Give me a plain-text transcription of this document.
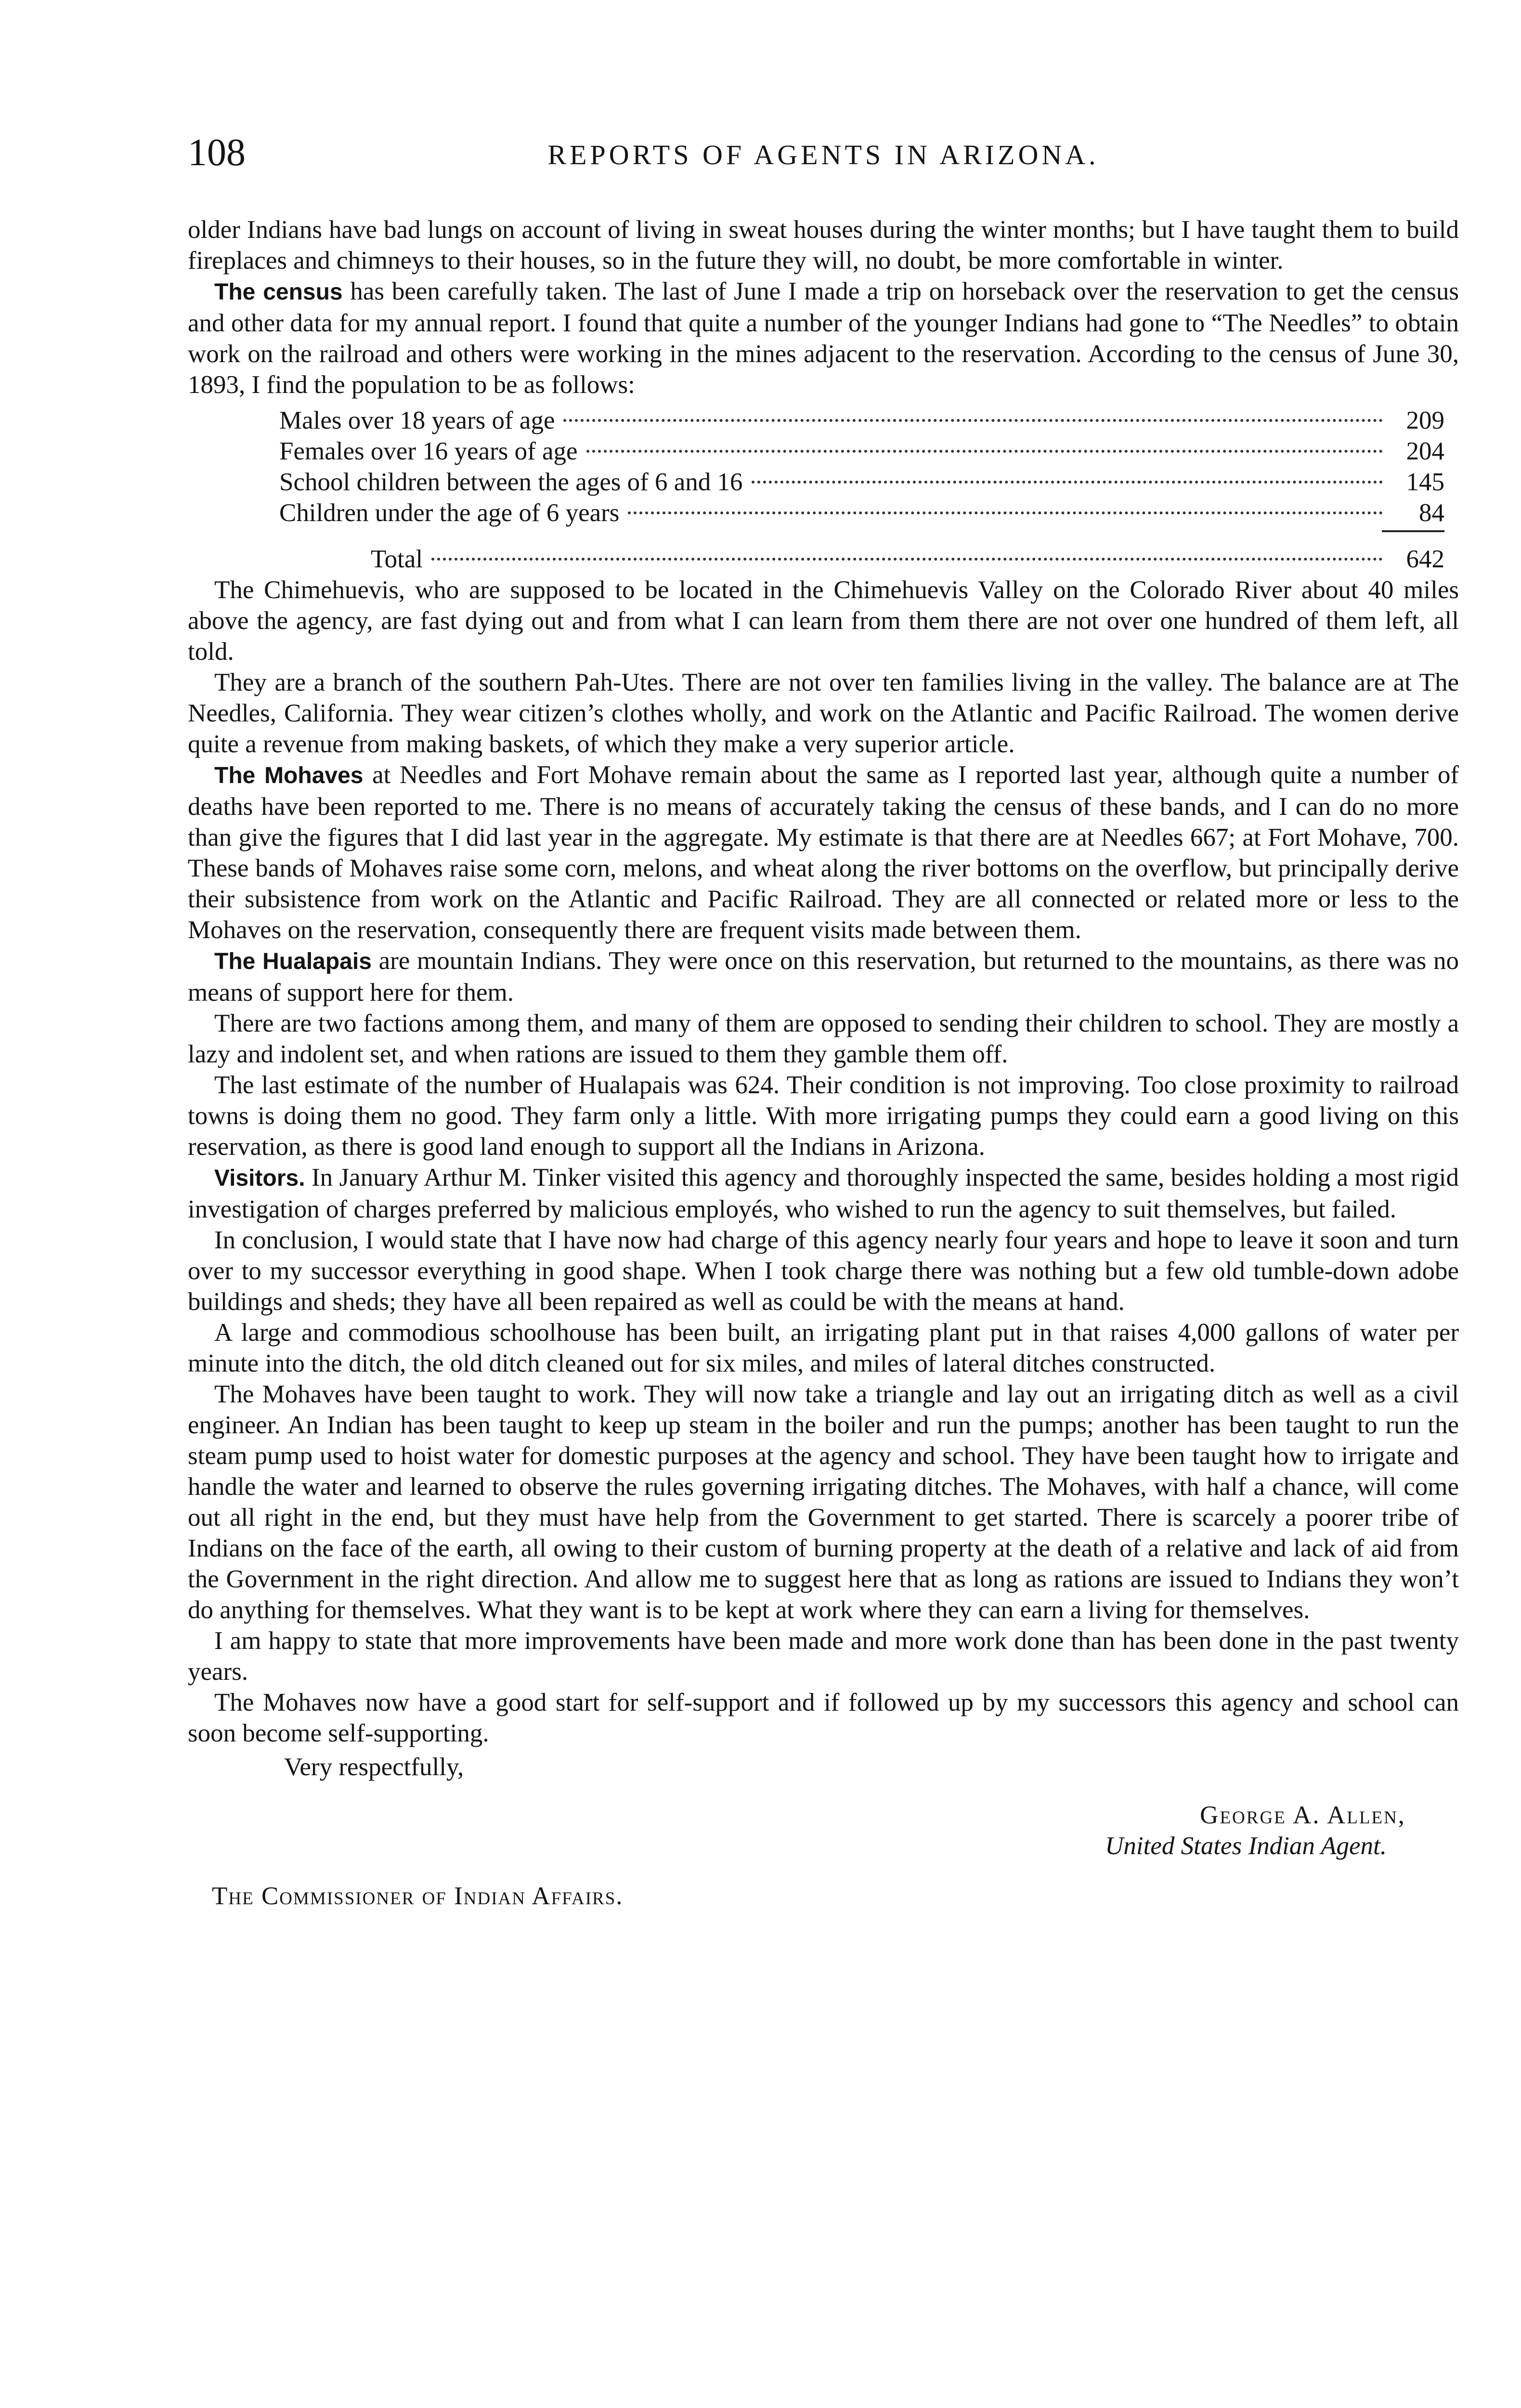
108	REPORTS OF AGENTS IN ARIZONA.

older Indians have bad lungs on account of living in sweat houses during the winter months; but I have taught them to build fireplaces and chimneys to their houses, so in the future they will, no doubt, be more comfortable in winter.

The census has been carefully taken. The last of June I made a trip on horseback over the reservation to get the census and other data for my annual report. I found that quite a number of the younger Indians had gone to “The Needles” to obtain work on the railroad and others were working in the mines adjacent to the reservation. According to the census of June 30, 1893, I find the population to be as follows:

Males over 18 years of age	209
Females over 16 years of age	204
School children between the ages of 6 and 16	145
Children under the age of 6 years	84
Total	642

The Chimehuevis, who are supposed to be located in the Chimehuevis Valley on the Colorado River about 40 miles above the agency, are fast dying out and from what I can learn from them there are not over one hundred of them left, all told.

They are a branch of the southern Pah-Utes. There are not over ten families living in the valley. The balance are at The Needles, California. They wear citizen’s clothes wholly, and work on the Atlantic and Pacific Railroad. The women derive quite a revenue from making baskets, of which they make a very superior article.

The Mohaves at Needles and Fort Mohave remain about the same as I reported last year, although quite a number of deaths have been reported to me. There is no means of accurately taking the census of these bands, and I can do no more than give the figures that I did last year in the aggregate. My estimate is that there are at Needles 667; at Fort Mohave, 700. These bands of Mohaves raise some corn, melons, and wheat along the river bottoms on the overflow, but principally derive their subsistence from work on the Atlantic and Pacific Railroad. They are all connected or related more or less to the Mohaves on the reservation, consequently there are frequent visits made between them.

The Hualapais are mountain Indians. They were once on this reservation, but returned to the mountains, as there was no means of support here for them.

There are two factions among them, and many of them are opposed to sending their children to school. They are mostly a lazy and indolent set, and when rations are issued to them they gamble them off.

The last estimate of the number of Hualapais was 624. Their condition is not improving. Too close proximity to railroad towns is doing them no good. They farm only a little. With more irrigating pumps they could earn a good living on this reservation, as there is good land enough to support all the Indians in Arizona.

Visitors. In January Arthur M. Tinker visited this agency and thoroughly inspected the same, besides holding a most rigid investigation of charges preferred by malicious employés, who wished to run the agency to suit themselves, but failed.

In conclusion, I would state that I have now had charge of this agency nearly four years and hope to leave it soon and turn over to my successor everything in good shape. When I took charge there was nothing but a few old tumble-down adobe buildings and sheds; they have all been repaired as well as could be with the means at hand.

A large and commodious schoolhouse has been built, an irrigating plant put in that raises 4,000 gallons of water per minute into the ditch, the old ditch cleaned out for six miles, and miles of lateral ditches constructed.

The Mohaves have been taught to work. They will now take a triangle and lay out an irrigating ditch as well as a civil engineer. An Indian has been taught to keep up steam in the boiler and run the pumps; another has been taught to run the steam pump used to hoist water for domestic purposes at the agency and school. They have been taught how to irrigate and handle the water and learned to observe the rules governing irrigating ditches. The Mohaves, with half a chance, will come out all right in the end, but they must have help from the Government to get started. There is scarcely a poorer tribe of Indians on the face of the earth, all owing to their custom of burning property at the death of a relative and lack of aid from the Government in the right direction. And allow me to suggest here that as long as rations are issued to Indians they won’t do anything for themselves. What they want is to be kept at work where they can earn a living for themselves.

I am happy to state that more improvements have been made and more work done than has been done in the past twenty years.

The Mohaves now have a good start for self-support and if followed up by my successors this agency and school can soon become self-supporting.

Very respectfully,
George A. Allen,
United States Indian Agent.
The Commissioner of Indian Affairs.
